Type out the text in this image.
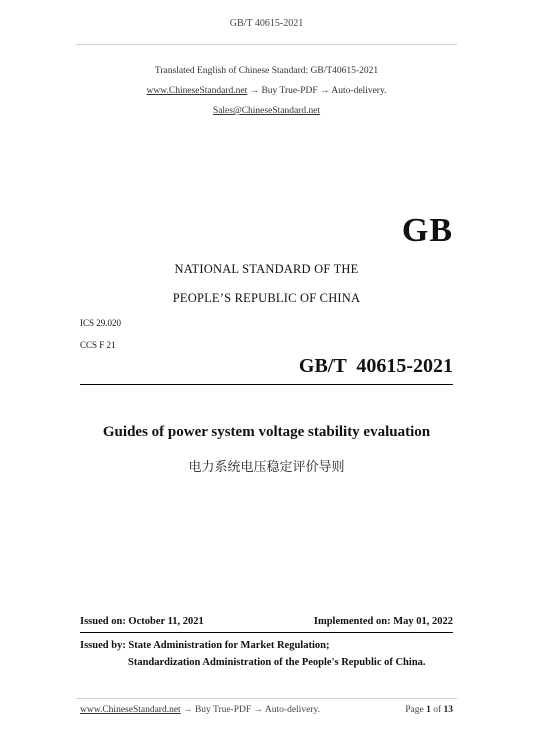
GB/T 40615-2021
Translated English of Chinese Standard: GB/T40615-2021
www.ChineseStandard.net → Buy True-PDF → Auto-delivery.
Sales@ChineseStandard.net
GB
NATIONAL STANDARD OF THE
PEOPLE’S REPUBLIC OF CHINA
ICS 29.020
CCS F 21
GB/T  40615-2021
Guides of power system voltage stability evaluation
电力系统电压稳定评价导则
Issued on: October 11, 2021	Implemented on: May 01, 2022
Issued by: State Administration for Market Regulation;
Standardization Administration of the People's Republic of China.
www.ChineseStandard.net → Buy True-PDF → Auto-delivery.	Page 1 of 13
